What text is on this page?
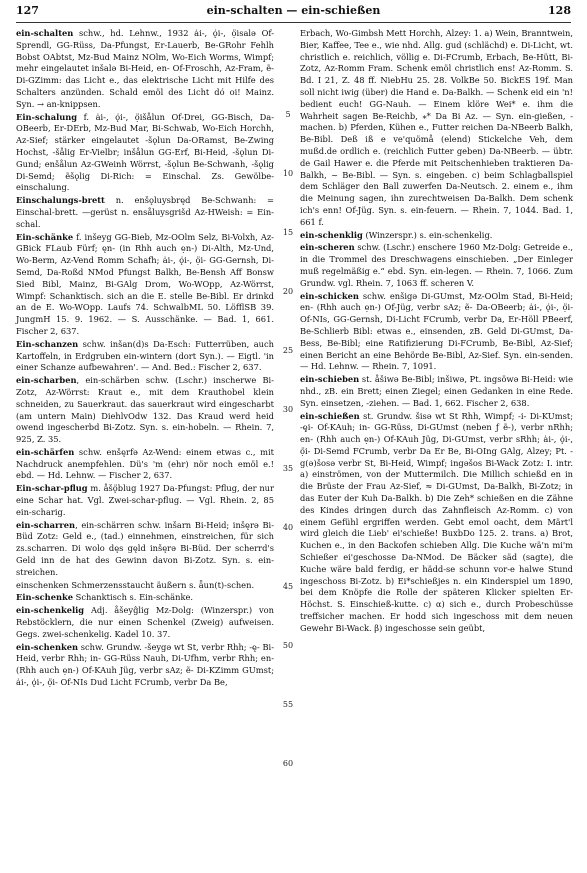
127	ein-schalten — ein-schießen	128
5
10
15
20
25
30
35
40
45
50
55
60

ein-schalten schw., hd. Lehnw., 1932 ȧi-, ǫ̇i-, ọ̈isalə Of-Sprendl, GG-Rüss, Da-Pfungst, Er-Lauerb, Be-GRohr Fehlh Bobst OAbtst, Mz-Bud Mainz NOlm, Wo-Eich Worms, Wimpf; mehr eingelautet inšalə Bi-Heid, en- Of-Froschh, Az-Fram, ẽ- Di-GZimm: das Licht e., das elektrische Licht mit Hilfe des Schalters anzünden. Schald emöl des Licht dó oi! Mainz. Syn. → an-knippsen.

Ein-schalung f. ȧi-, ǫ̇i-, ọ̈išålun Of-Drei, GG-Bisch, Da-OBeerb, Er-DErb, Mz-Bud Mar, Bi-Schwab, Wo-Eich Horchh, Az-Sief; stärker eingelautet -šǫlun Da-ORamst, Be-Zwing Hochst, -šålig Er-Vielbr; inšålun GG-Erf, Bi-Heid, -šǫlun Di-Gund; enšålun Az-GWeinh Wörrst, -šǫlun Be-Schwanh, -šǫlig Di-Semd; ẽšǫlig Di-Rich: = Einschal. Zs. Gewölbe-einschalung.

Einschalungs-brett n. enšǫluysbręd Be-Schwanh: = Einschal-brett. —gerüst n. ensåluysgrišd Az-HWeish: = Ein-schal.

Ein-schänke f. inšeyg GG-Bieb, Mz-OOlm Selz, Bi-Volxh, Az-GBick FLaub Fürf; ęn- (in Rhh auch ẹn-) Di-Alth, Mz-Und, Wo-Berm, Az-Vend Romm Schafh; ȧi-, ǫ̇i-, ọ̈i- GG-Gernsh, Di-Semd, Da-Roßd NMod Pfungst Balkh, Be-Bensh Aff Bonsw Sied Bibl, Mainz, Bi-GAlg Drom, Wo-WOpp, Az-Wörrst, Wimpf: Schanktisch. sich an die E. stelle Be-Bibl. Er drinkd an de E. Wo-WOpp. Laufs 74. SchwalbML 50. LöfflSB 39. JungmH 15. 9. 1962. — S. Ausschänke. — Bad. 1, 661. Fischer 2, 637.

Ein-schanzen schw. inšan(d)s Da-Esch: Futterrüben, auch Kartoffeln, in Erdgruben ein-wintern (dort Syn.). — Eigtl. 'in einer Schanze aufbewahren'. — And. Bed.: Fischer 2, 637.

ein-scharben, ein-schärben schw. (Lschr.) inscherwe Bi-Zotz, Az-Wörrst: Kraut e., mit dem Krauthobel klein schneiden, zu Sauerkraut. das sauerkraut wird eingescharbt (am untern Main) DiehlvOdw 132. Das Kraud werd heid owend ingescherbd Bi-Zotz. Syn. s. ein-hobeln. — Rhein. 7, 925, Z. 35.

ein-schärfen schw. enšęrfə Az-Wend: einem etwas c., mit Nachdruck anempfehlen. Dü's 'm (ehr) nör noch emöl e.! ebd. — Hd. Lehnw. — Fischer 2, 637.

Ein-schar-pflug m. åšǫ̈blug 1927 Da-Pfungst: Pflug, der nur eine Schar hat. Vgl. Zwei-schar-pflug. — Vgl. Rhein. 2, 85 ein-scharig.

ein-scharren, ein-schärren schw. inšarn Bi-Heid; inšęrə Bi-Büd Zotz: Geld e., (tad.) einnehmen, einstreichen, für sich zs.scharren. Di wolo dęs gęld inšęrə Bi-Büd. Der scherrd's Geld inn de hat des Gewinn davon Bi-Zotz. Syn. s. ein-streichen.

einschenken Schmerzensstaucht äußern s. ǟun(t)-schen.

Ein-schenke Schanktisch s. Ein-schänke.

ein-schenkelig Adj. åšeyĝlig Mz-Dolg: (Winzerspr.) von Rebstöcklern, die nur einen Schenkel (Zweig) aufweisen. Gegs. zwei-schenkelig. Kadel 10. 37.

ein-schenken schw. Grundw. -šeygə wt St, verbr Rhh; -ę- Bi-Heid, verbr Rhh; in- GG-Rüss Nauh, Di-Ufhm, verbr Rhh; en- (Rhh auch ẹn-) Of-KAuh Jüg, verbr sAz; ẽ- Di-KZimm GUmst; ȧi-, ǫ̇i-, ọ̈i- Of-NIs Dud Licht FCrumb, verbr Da Be,

Erbach, Wo-Gimbsh Mett Horchh, Alzey: 1. a) Wein, Branntwein, Bier, Kaffee, Tee e., wie nhd. Allg. gud (schlächd) e. Di-Licht, wt. christlich e. reichlich, völlig e. Di-FCrumb, Erbach, Be-Hütt, Bi-Zotz, Az-Romm Fram. Schenk emöl christlich ens! Az-Romm. S. Bd. I 21, Z. 48 ff. NiebHu 25. 28. VolkBe 50. BickES 19f. Man soll nicht iwig (über) die Hand e. Da-Balkh. — Schenk eid ein 'n! bedient euch! GG-Nauh. — Einem klöre Wei* e. ihm die Wahrheit sagen Be-Reichb, ⁎* Da Bi Az. — Syn. ein-gießen, -machen. b) Pferden, Kühen e., Futter reichen Da-NBeerb Balkh, Be-Bibl. Deß iß e ve'quömå (elend) Stickelche Veh, dem mußd.de ordlich e. (reichlich Futter geben) Da-NBeerb. — übtr. de Gail Hawer e. die Pferde mit Peitschenhieben traktieren Da-Balkh, ~ Be-Bibl. — Syn. s. eingeben. c) beim Schlagballspiel dem Schläger den Ball zuwerfen Da-Neutsch. 2. einem e., ihm die Meinung sagen, ihn zurechtweisen Da-Balkh. Dem schenk ich's enn! Of-Jüg. Syn. s. ein-feuern. — Rhein. 7, 1044. Bad. 1, 661 f.

ein-schenklig (Winzerspr.) s. ein-schenkelig.

ein-scheren schw. (Lschr.) enschere 1960 Mz-Dolg: Getreide e., in die Trommel des Dreschwagens einschieben. „Der Einleger muß regelmäßig e.“ ebd. Syn. ein-legen. — Rhein. 7, 1066. Zum Grundw. vgl. Rhein. 7, 1063 ff. scheren V.

ein-schicken schw. enšigə Di-GUmst, Mz-OOlm Stad, Bi-Heid; en- (Rhh auch ẹn-) Of-Jüg, verbr sAz; ẽ- Da-OBeerb; ȧi-, ǫ̇i-, ọ̈i- Of-NIs, GG-Gernsh, Di-Licht FCrumb, verbr Da, Er-Höll PBeerf, Be-Schlierb Bibl: etwas e., einsenden, zB. Geld Di-GUmst, Da-Bess, Be-Bibl; eine Ratifizierung Di-FCrumb, Be-Bibl, Az-Sief; einen Bericht an eine Behörde Be-Bibl, Az-Sief. Syn. ein-senden. — Hd. Lehnw. — Rhein. 7, 1091.

ein-schieben st. åšiwə Be-Bibl; inšiwə, Pt. ingsöwə Bi-Heid: wie nhd., zB. ein Brett; einen Ziegel; einen Gedanken in eine Rede. Syn. einsetzen, -ziehen. — Bad. 1, 662. Fischer 2, 638.

ein-schießen st. Grundw. šisə wt St Rhh, Wimpf; -i- Di-KUmst; -ę̧i- Of-KAuh; in- GG-Rüss, Di-GUmst (neben ƒ ẽ-), verbr nRhh; en- (Rhh auch ẹn-) Of-KAuh Jüg, Di-GUmst, verbr sRhh; ȧi-, ǫ̇i-, ọ̈i- Di-Semd FCrumb, verbr Da Er Be, Bi-OIng GAlg, Alzey; Pt. -g(ə)šosə verbr St, Bi-Heid, Wimpf; ingəšos Bi-Wack Zotz: I. intr. a) einströmen, von der Muttermilch. Die Millich schießd en in die Brüste der Frau Az-Sief, ≈ Di-GUmst, Da-Balkh, Bi-Zotz; in das Euter der Kuh Da-Balkh. b) Die Zeh* schießen en die Zähne des Kindes dringen durch das Zahnfleisch Az-Romm. c) von einem Gefühl ergriffen werden. Gebt emol oacht, dem Märt'l wird gleich die Lieb' ei'schieße! BuxbDo 125. 2. trans. a) Brot, Kuchen e., in den Backofen schieben Allg. Die Kuche wä'n mi'm Schießer ei'geschosse Da-NMod. De Bäcker säd (sagte), die Kuche wäre bald ferdig, er hädd-se schunn vor-e halwe Stund ingeschoss Bi-Zotz. b) Ei*schießjes n. ein Kinderspiel um 1890, bei dem Knöpfe die Rolle der späteren Klicker spielten Er-Höchst. S. Einschieß-kutte. c) α) sich e., durch Probeschüsse treffsicher machen. Er hodd sich ingeschoss mit dem neuen Gewehr Bi-Wack. β) ingeschosse sein geübt,
